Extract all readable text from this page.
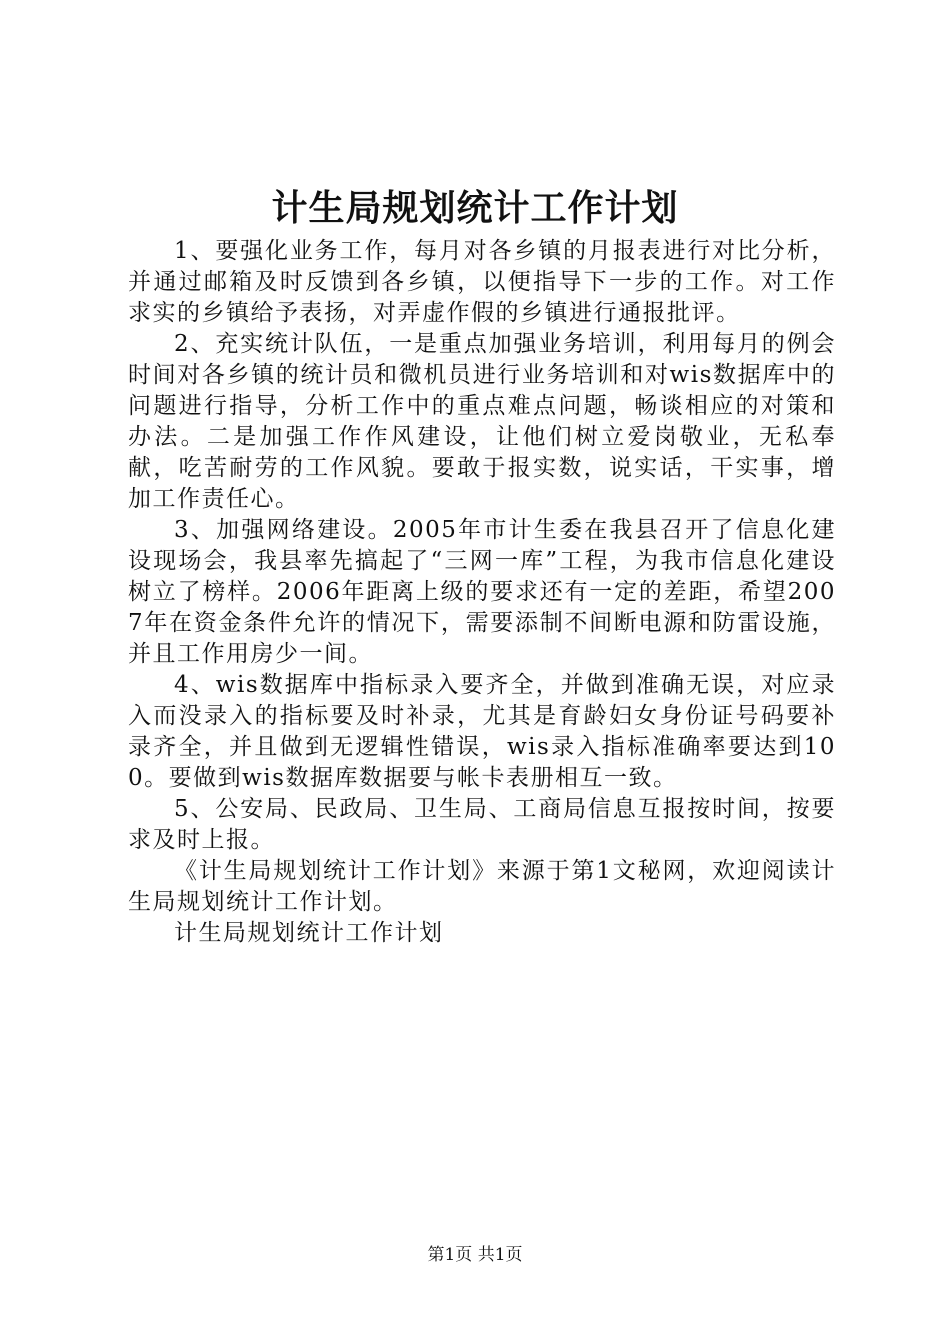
计生局规划统计工作计划

1、要强化业务工作，每月对各乡镇的月报表进行对比分析，并通过邮箱及时反馈到各乡镇，以便指导下一步的工作。对工作求实的乡镇给予表扬，对弄虚作假的乡镇进行通报批评。

2、充实统计队伍，一是重点加强业务培训，利用每月的例会时间对各乡镇的统计员和微机员进行业务培训和对wis数据库中的问题进行指导，分析工作中的重点难点问题，畅谈相应的对策和办法。二是加强工作作风建设，让他们树立爱岗敬业，无私奉献，吃苦耐劳的工作风貌。要敢于报实数，说实话，干实事，增加工作责任心。

3、加强网络建设。2005年市计生委在我县召开了信息化建设现场会，我县率先搞起了“三网一库”工程，为我市信息化建设树立了榜样。2006年距离上级的要求还有一定的差距，希望2007年在资金条件允许的情况下，需要添制不间断电源和防雷设施，并且工作用房少一间。

4、wis数据库中指标录入要齐全，并做到准确无误，对应录入而没录入的指标要及时补录，尤其是育龄妇女身份证号码要补录齐全，并且做到无逻辑性错误，wis录入指标准确率要达到100。要做到wis数据库数据要与帐卡表册相互一致。

5、公安局、民政局、卫生局、工商局信息互报按时间，按要求及时上报。

《计生局规划统计工作计划》来源于第1文秘网，欢迎阅读计生局规划统计工作计划。

计生局规划统计工作计划

第1页 共1页
